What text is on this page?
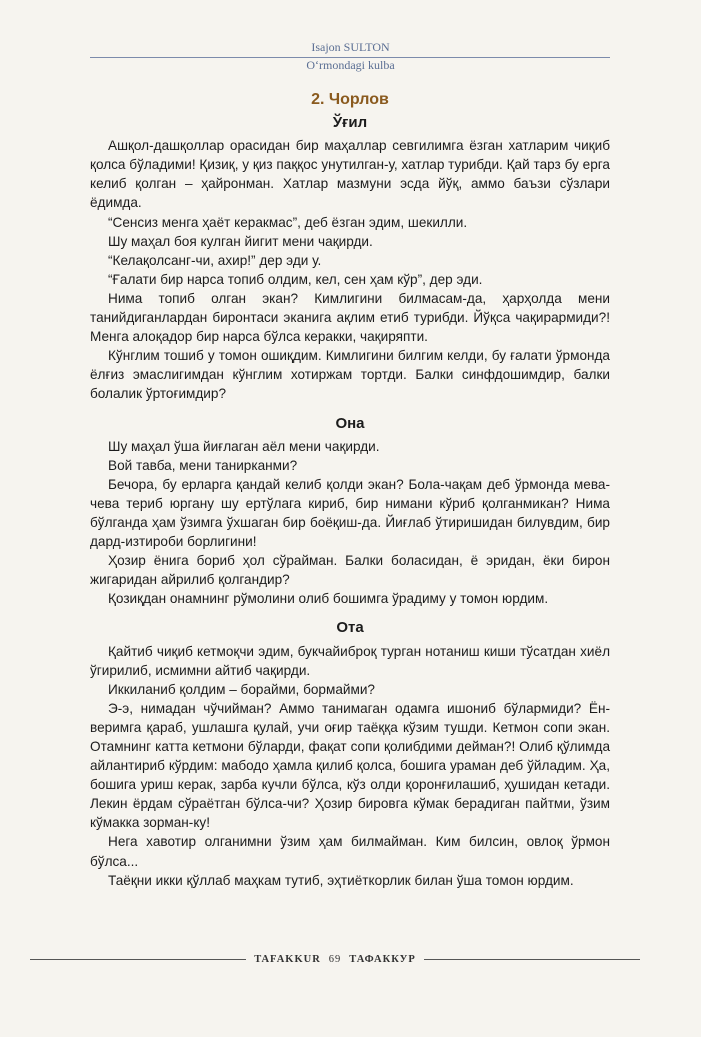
Isajon SULTON
O‘rmondagi kulba
2. Чорлов
Ўғил

Ашқол-дашқоллар орасидан бир маҳаллар севгилимга ёзган хатларим чиқиб қолса бўладими! Қизиқ, у қиз паққос унутилган-у, хатлар турибди. Қай тарз бу ерга келиб қолган – ҳайронман. Хатлар мазмуни эсда йўқ, аммо баъзи сўзлари ёдимда.

“Сенсиз менга ҳаёт керакмас”, деб ёзган эдим, шекилли.

Шу маҳал боя кулган йигит мени чақирди.

“Келақолсанг-чи, ахир!” дер эди у.

“Ғалати бир нарса топиб олдим, кел, сен ҳам кўр”, дер эди.

Нима топиб олган экан? Кимлигини билмасам-да, ҳарҳолда мени танийдиганлардан биронтаси эканига ақлим етиб турибди. Йўқса чақирармиди?! Менга алоқадор бир нарса бўлса керакки, чақиряпти.

Кўнглим тошиб у томон ошиқдим. Кимлигини билгим келди, бу ғалати ўрмонда ёлғиз эмаслигимдан кўнглим хотиржам тортди. Балки синфдошимдир, балки болалик ўртоғимдир?

Она

Шу маҳал ўша йиғлаган аёл мени чақирди.

Вой тавба, мени танирканми?

Бечора, бу ерларга қандай келиб қолди экан? Бола-чақам деб ўрмонда мева-чева териб юргану шу ертўлага кириб, бир нимани кўриб қолганмикан? Нима бўлганда ҳам ўзимга ўхшаган бир боёқиш-да. Йиғлаб ўтиришидан билувдим, бир дард-изтироби борлигини!

Ҳозир ёнига бориб ҳол сўрайман. Балки боласидан, ё эридан, ёки бирон жигаридан айрилиб қолгандир?

Қозиқдан онамнинг рўмолини олиб бошимга ўрадиму у томон юрдим.

Ота

Қайтиб чиқиб кетмоқчи эдим, букчайиброқ турган нотаниш киши тўсатдан хиёл ўгирилиб, исмимни айтиб чақирди.

Иккиланиб қолдим – борайми, бормайми?

Э-э, нимадан чўчийман? Аммо танимаган одамга ишониб бўлармиди? Ён-веримга қараб, ушлашга қулай, учи оғир таёққа кўзим тушди. Кетмон сопи экан. Отамнинг катта кетмони бўларди, фақат сопи қолибдими дейман?! Олиб қўлимда айлантириб кўрдим: мабодо ҳамла қилиб қолса, бошига ураман деб ўйладим. Ҳа, бошига уриш керак, зарба кучли бўлса, кўз олди қоронғилашиб, ҳушидан кетади. Лекин ёрдам сўраётган бўлса-чи? Ҳозир бировга кўмак берадиган пайтми, ўзим кўмакка зорман-ку!

Нега хавотир олганимни ўзим ҳам билмайман. Ким билсин, овлоқ ўрмон бўлса...

Таёқни икки қўллаб маҳкам тутиб, эҳтиёткорлик билан ўша томон юрдим.

TAFAKKUR 69 ТАФАККУР
